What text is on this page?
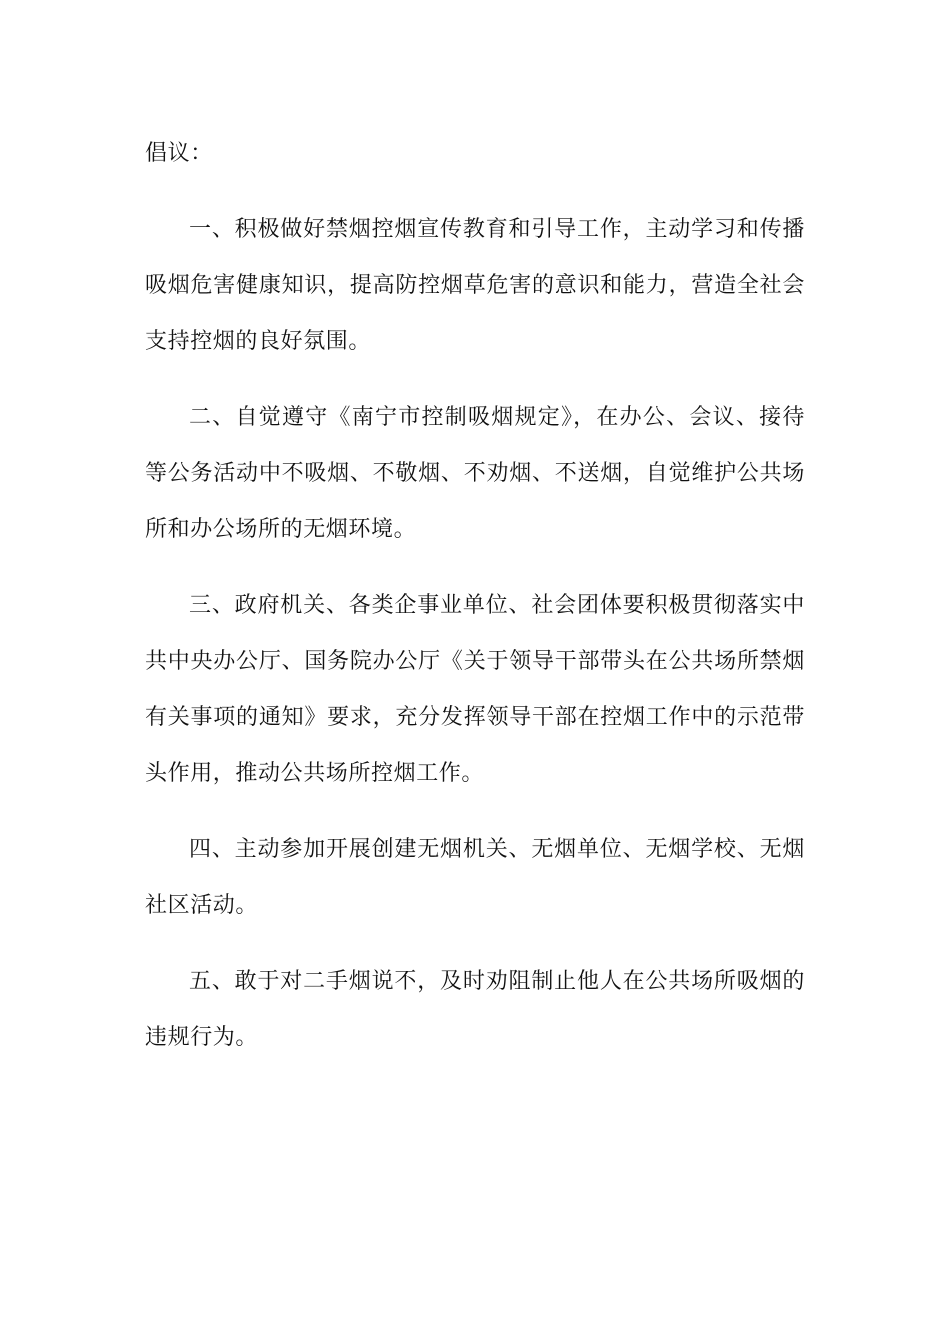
倡议：

一、积极做好禁烟控烟宣传教育和引导工作，主动学习和传播吸烟危害健康知识，提高防控烟草危害的意识和能力，营造全社会支持控烟的良好氛围。

二、自觉遵守《南宁市控制吸烟规定》，在办公、会议、接待等公务活动中不吸烟、不敬烟、不劝烟、不送烟，自觉维护公共场所和办公场所的无烟环境。

三、政府机关、各类企事业单位、社会团体要积极贯彻落实中共中央办公厅、国务院办公厅《关于领导干部带头在公共场所禁烟有关事项的通知》要求，充分发挥领导干部在控烟工作中的示范带头作用，推动公共场所控烟工作。

四、主动参加开展创建无烟机关、无烟单位、无烟学校、无烟社区活动。

五、敢于对二手烟说不，及时劝阻制止他人在公共场所吸烟的违规行为。
